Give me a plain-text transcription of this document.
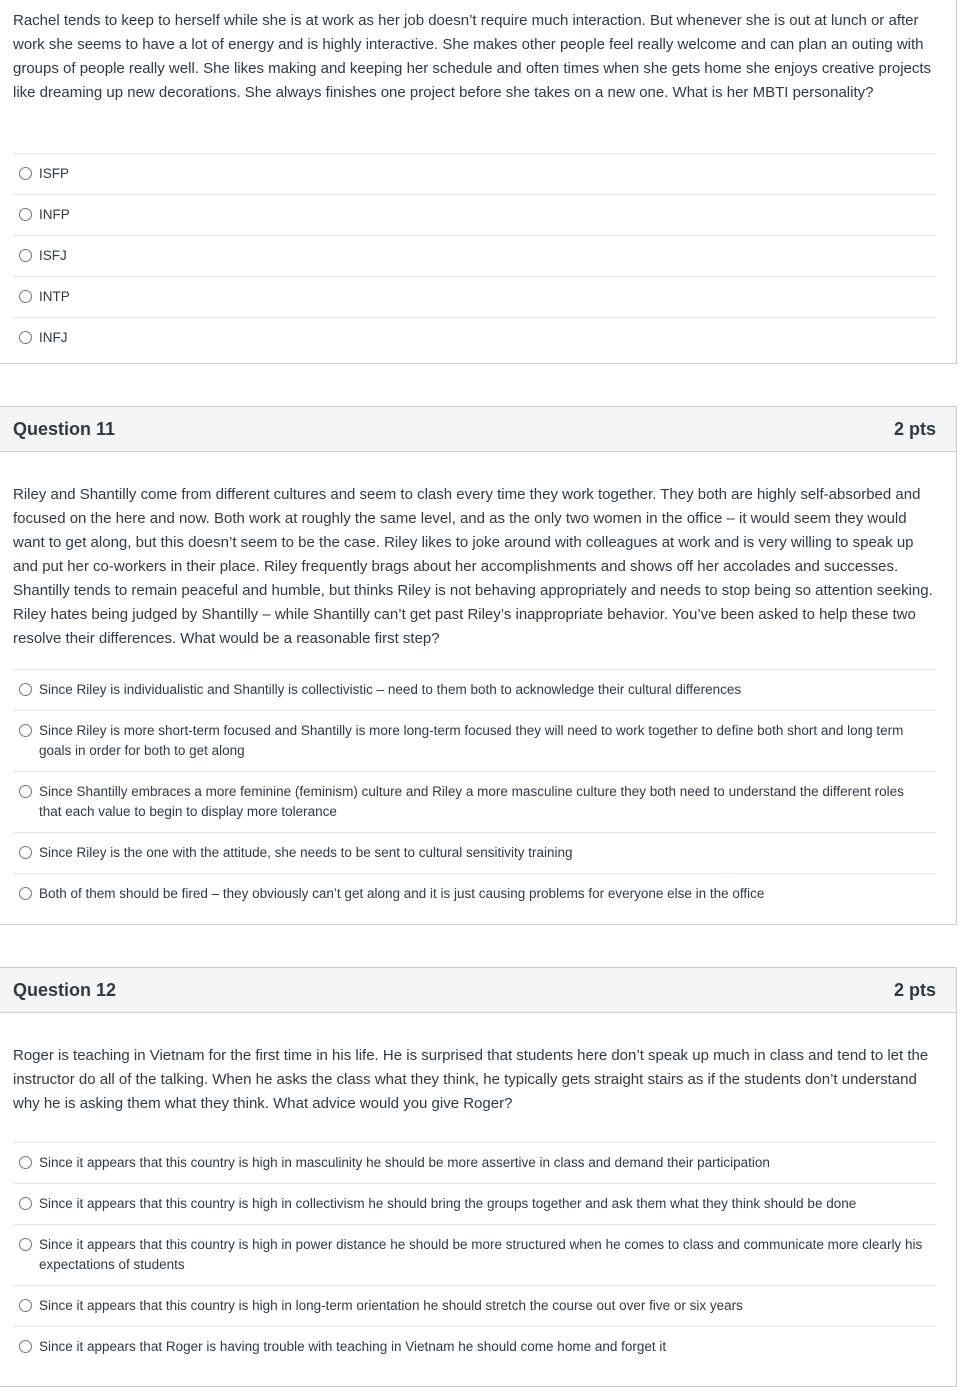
Rachel tends to keep to herself while she is at work as her job doesn’t require much interaction. But whenever she is out at lunch or after work she seems to have a lot of energy and is highly interactive. She makes other people feel really welcome and can plan an outing with groups of people really well. She likes making and keeping her schedule and often times when she gets home she enjoys creative projects like dreaming up new decorations. She always finishes one project before she takes on a new one. What is her MBTI personality?
ISFP
INFP
ISFJ
INTP
INFJ
Question 11	2 pts
Riley and Shantilly come from different cultures and seem to clash every time they work together. They both are highly self-absorbed and focused on the here and now. Both work at roughly the same level, and as the only two women in the office – it would seem they would want to get along, but this doesn’t seem to be the case. Riley likes to joke around with colleagues at work and is very willing to speak up and put her co-workers in their place. Riley frequently brags about her accomplishments and shows off her accolades and successes. Shantilly tends to remain peaceful and humble, but thinks Riley is not behaving appropriately and needs to stop being so attention seeking. Riley hates being judged by Shantilly – while Shantilly can’t get past Riley’s inappropriate behavior. You’ve been asked to help these two resolve their differences. What would be a reasonable first step?
Since Riley is individualistic and Shantilly is collectivistic – need to them both to acknowledge their cultural differences
Since Riley is more short-term focused and Shantilly is more long-term focused they will need to work together to define both short and long term goals in order for both to get along
Since Shantilly embraces a more feminine (feminism) culture and Riley a more masculine culture they both need to understand the different roles that each value to begin to display more tolerance
Since Riley is the one with the attitude, she needs to be sent to cultural sensitivity training
Both of them should be fired – they obviously can’t get along and it is just causing problems for everyone else in the office
Question 12	2 pts
Roger is teaching in Vietnam for the first time in his life. He is surprised that students here don’t speak up much in class and tend to let the instructor do all of the talking. When he asks the class what they think, he typically gets straight stairs as if the students don’t understand why he is asking them what they think. What advice would you give Roger?
Since it appears that this country is high in masculinity he should be more assertive in class and demand their participation
Since it appears that this country is high in collectivism he should bring the groups together and ask them what they think should be done
Since it appears that this country is high in power distance he should be more structured when he comes to class and communicate more clearly his expectations of students
Since it appears that this country is high in long-term orientation he should stretch the course out over five or six years
Since it appears that Roger is having trouble with teaching in Vietnam he should come home and forget it
